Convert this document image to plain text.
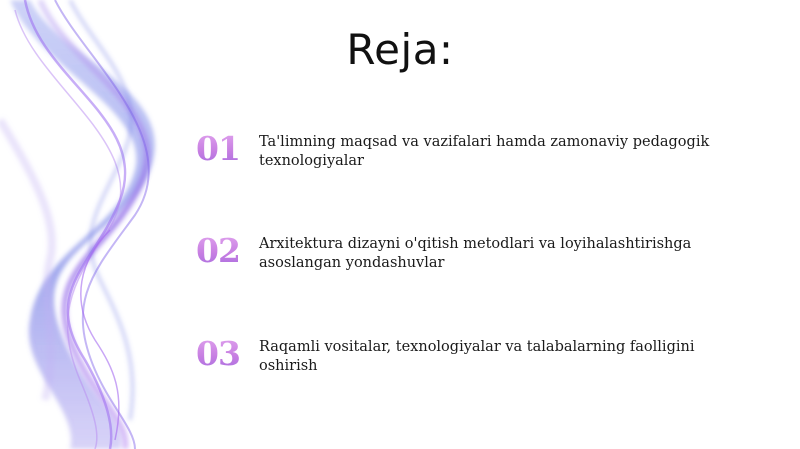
Reja:
01	Ta'limning maqsad va vazifalari hamda zamonaviy pedagogik texnologiyalar
02	Arxitektura dizayni o'qitish metodlari va loyihalashtirishga asoslangan yondashuvlar
03	Raqamli vositalar, texnologiyalar va talabalarning faolligini oshirish
